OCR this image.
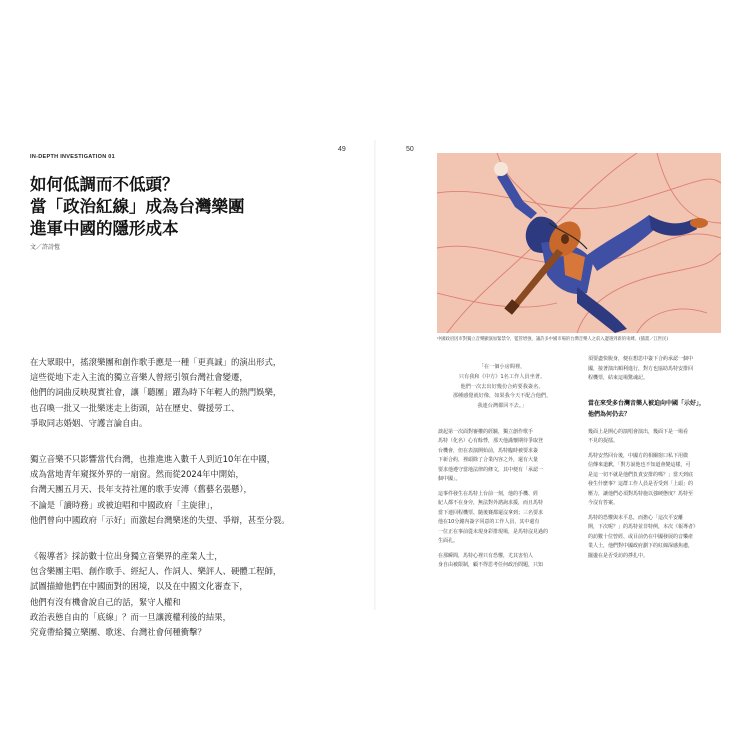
49	50
IN-DEPTH INVESTIGATION 01
如何低調而不低頭？
當「政治紅線」成為台灣樂團
進軍中國的隱形成本
文／許詩愷

在大眾眼中，搖滾樂團和創作歌手應是一種「更真誠」的演出形式，
這些從地下走入主流的獨立音樂人曾經引領台灣社會變遷，
他們的詞曲反映現實社會，讓「聽團」躍為時下年輕人的熱門娛樂，
也召喚一批又一批樂迷走上街頭，站在歷史、聲援勞工、
爭取同志婚姻、守護言論自由。

獨立音樂不只影響當代台灣，也推進進入數千人到近10年在中國，
成為當地青年窺探外界的一扇窗。然而從2024年中開始，
台灣天團五月天、長年支持社運的歌手安溥（舊藝名張懸），
不論是「讀時務」或被迫唱和中國政府「主旋律」，
他們曾向中國政府「示好」而激起台灣樂迷的失望、爭辯，甚至分裂。

《報導者》採訪數十位出身獨立音樂界的產業人士，
包含樂團主唱、創作歌手、經紀人、作詞人、樂評人、硬體工程師，
試圖描繪他們在中國面對的困境，以及在中國文化審查下，
他們有沒有機會說自己的話，緊守人權和
政治表態自由的「底線」？而一旦讓渡權利後的結果，
究竟帶給獨立樂團、歌迷、台灣社會何種衝擊？

中國政府因市對獨立音樂顯演加緊禁令，監管增強，讓許多中國市場的台灣音樂人之前入邊遇到新的束縛。(插畫／江世民)

「在一個小房間裡，
只有我和《中方》1名工作人員坐著。
他們一次去出好幾份合約要我簽名，
那種感覺就好像，如果我今天不配合他們，
我連台灣都回不去。」

談起第一次面對審權的經驗，獨立創作歌手
馬特（化名）心有餘悸，那天他滿懷期待爭取登
台機會，但在表演開始前，馬特臨時被要求簽
下新合約，裡頭除了合業內容之外，還有大量
要求他遵守當地法律的條文，其中便有「承認一
個中國」。
這事件發生在馬特上台前一刻，他的手機、經
紀人都不在身旁，無法對外諮詢求援，而且馬特
當下連回程機票、隨後賽都還沒拿到；三名要求
他在10分鐘內簽字同意的工作人員，其中還有
一位正在事前從未現身彩排現場，是馬特沒見過的
生面孔。
在那瞬間，馬特心裡只有恐懼，尤其害怕人
身自由被限制，顧不得思考任何政治問題，只知
須要盡快脫身，便在想思中簽下合約承認一個中
國，接著演出順利進行，對方也協助馬特安排回
程機票，結束這場驚魂記。
當在來受多台灣音樂人被迫向中國「示好」，
他們為何仍去？
幾面上是開心的演唱會演出，幾面下是一場看
不見的捉擂。
馬特安然回台後，中國方的相關窗口私下用微
信傳來道歉，「對方說他也不知道會變這樣，可
是這一切不就是他們負責安排的嗎？」當天到底
發生什麼事？這群工作人員是否受到「上頭」的
壓力，讓他們必須對馬特施以強硬態度？馬特至
今沒有答案。
馬特的恐懼與未平息，而擔心「這次平安離
開，下次呢？」的馬特並非特例，本次《報導者》
的訪數十位曾經、或目前仍在中國發展的音樂產
業人士，他們對中國政府劃下的紅線深感焦慮，
擺盪在是否受訪的掙扎中。
